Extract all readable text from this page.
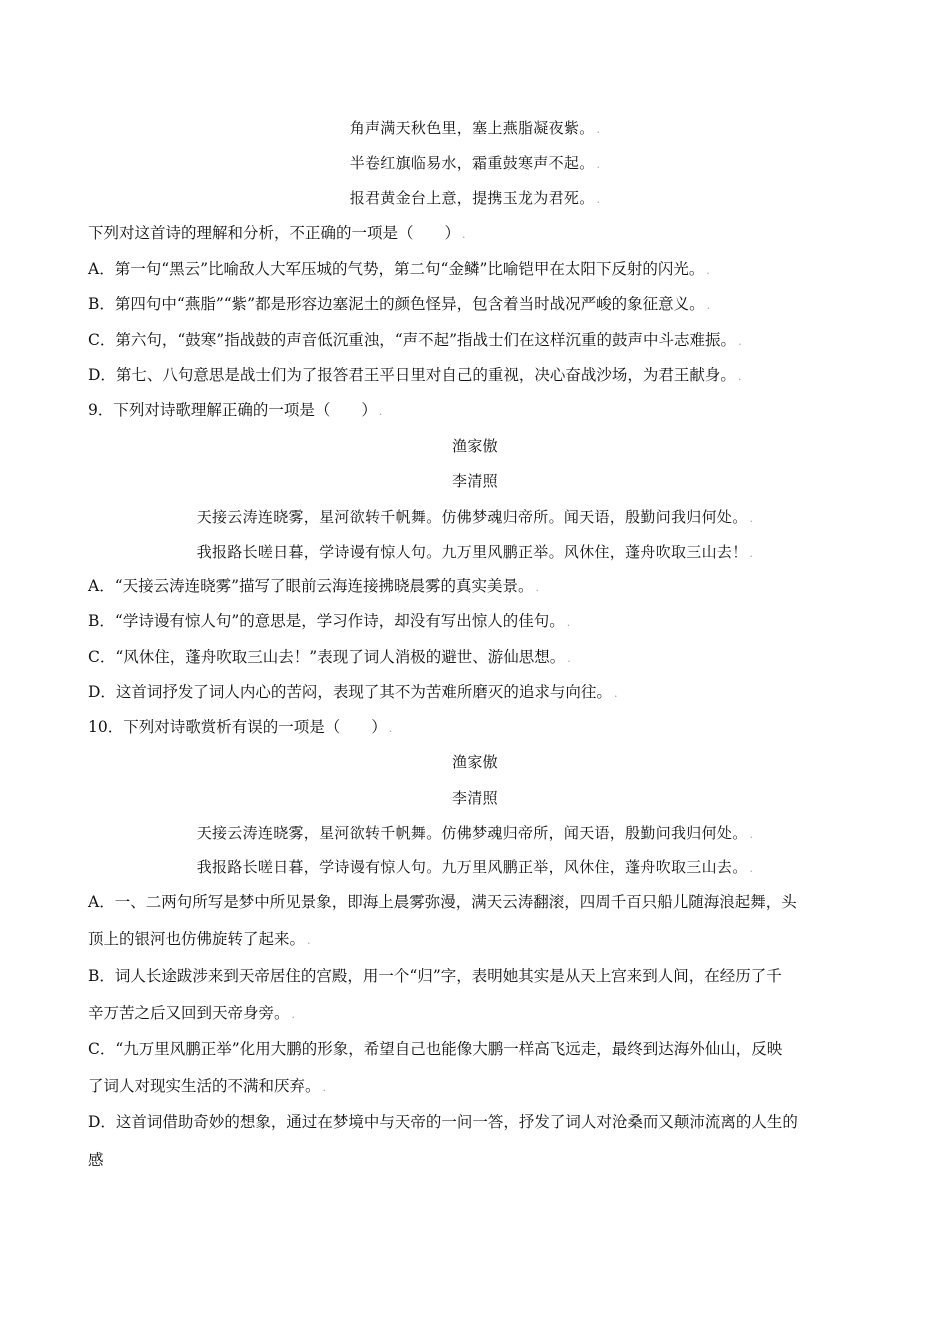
角声满天秋色里，塞上燕脂凝夜紫。 .
半卷红旗临易水，霜重鼓寒声不起。 .
报君黄金台上意，提携玉龙为君死。 .
下列对这首诗的理解和分析，不正确的一项是（　　） .
A．第一句“黑云”比喻敌人大军压城的气势，第二句“金鳞”比喻铠甲在太阳下反射的闪光。 .
B．第四句中“燕脂”“紫”都是形容边塞泥土的颜色怪异，包含着当时战况严峻的象征意义。 .
C．第六句，“鼓寒”指战鼓的声音低沉重浊，“声不起”指战士们在这样沉重的鼓声中斗志难振。 .
D．第七、八句意思是战士们为了报答君王平日里对自己的重视，决心奋战沙场，为君王献身。 .
9．下列对诗歌理解正确的一项是（　　） .
渔家傲
李清照
天接云涛连晓雾，星河欲转千帆舞。仿佛梦魂归帝所。闻天语，殷勤问我归何处。 .
我报路长嗟日暮，学诗谩有惊人句。九万里风鹏正举。风休住，蓬舟吹取三山去！ .
A．“天接云涛连晓雾”描写了眼前云海连接拂晓晨雾的真实美景。 .
B．“学诗谩有惊人句”的意思是，学习作诗，却没有写出惊人的佳句。 .
C．“风休住，蓬舟吹取三山去！”表现了词人消极的避世、游仙思想。 .
D．这首词抒发了词人内心的苦闷，表现了其不为苦难所磨灭的追求与向往。 .
10．下列对诗歌赏析有误的一项是（　　） .
渔家傲
李清照
天接云涛连晓雾，星河欲转千帆舞。仿佛梦魂归帝所，闻天语，殷勤问我归何处。 .
我报路长嗟日暮，学诗谩有惊人句。九万里风鹏正举，风休住，蓬舟吹取三山去。 .
A．一、二两句所写是梦中所见景象，即海上晨雾弥漫，满天云涛翻滚，四周千百只船儿随海浪起舞，头
顶上的银河也仿佛旋转了起来。 .
B．词人长途跋涉来到天帝居住的宫殿，用一个“归”字，表明她其实是从天上宫来到人间，在经历了千
辛万苦之后又回到天帝身旁。 .
C．“九万里风鹏正举”化用大鹏的形象，希望自己也能像大鹏一样高飞远走，最终到达海外仙山，反映
了词人对现实生活的不满和厌弃。 .
D．这首词借助奇妙的想象，通过在梦境中与天帝的一问一答，抒发了词人对沧桑而又颠沛流离的人生的
感
